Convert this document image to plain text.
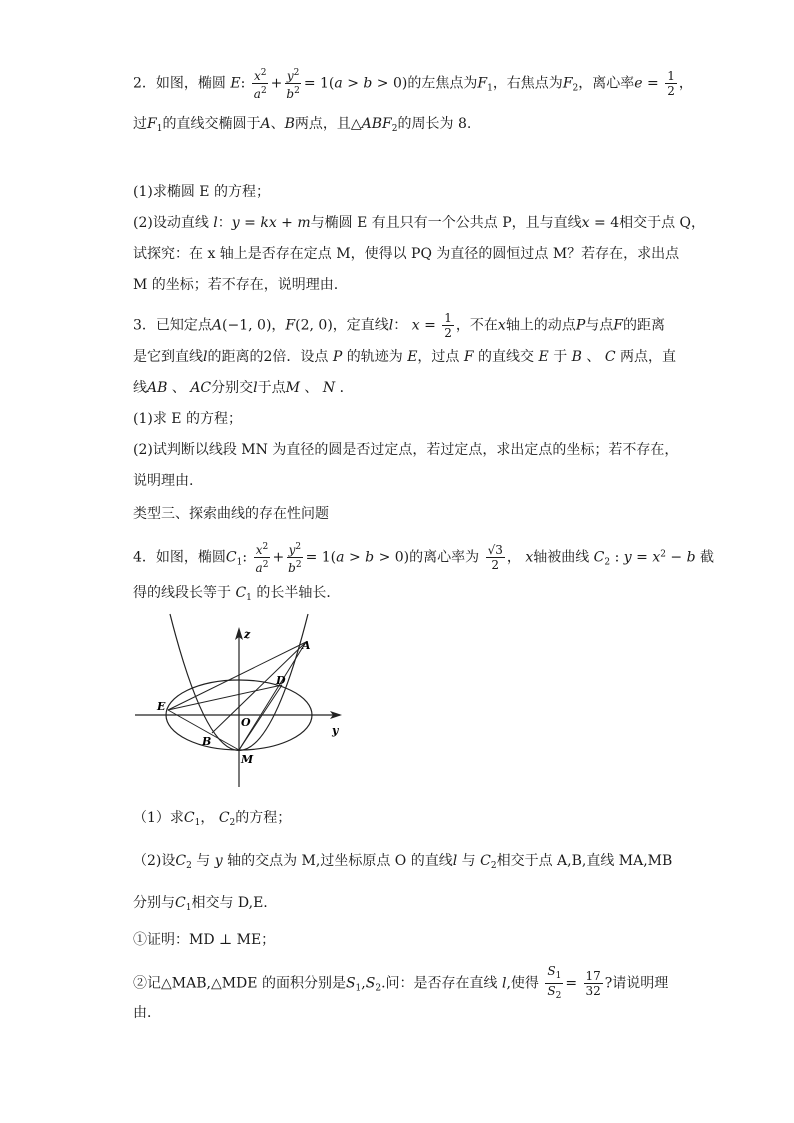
2．如图，椭圆 E: $\frac{x^2}{a^2} + \frac{y^2}{b^2} = 1(a > b > 0)$的左焦点为$F_1$，右焦点为$F_2$，离心率$e = \frac{1}{2}$ ，
过$F_1$的直线交椭圆于A、B两点，且$\triangle ABF_2$的周长为 8.
(1)求椭圆 E 的方程；
(2)设动直线 l：y = kx + m与椭圆 E 有且只有一个公共点 P，且与直线x = 4相交于点 Q，
试探究：在 x 轴上是否存在定点 M，使得以 PQ 为直径的圆恒过点 M？若存在，求出点
M 的坐标；若不存在，说明理由.
3．已知定点A(−1, 0)，F(2, 0)，定直线l： $x = \frac{1}{2}$ ，不在x轴上的动点P与点F的距离
是它到直线l的距离的2倍．设点 P 的轨迹为 E，过点 F 的直线交 E 于 B 、 C 两点，直
线AB 、 AC分别交l于点M 、 N ．
(1)求 E 的方程；
(2)试判断以线段 MN 为直径的圆是否过定点，若过定点，求出定点的坐标；若不存在，
说明理由.
类型三、探索曲线的存在性问题
4．如图，椭圆$C_1$: $\frac{x^2}{a^2} + \frac{y^2}{b^2} = 1(a > b > 0)$的离心率为 $\frac{√3}{2}$ ， x轴被曲线 $C_2$ : $y = x^2 - b$ 截
得的线段长等于 $C_1$ 的长半轴长．
z
y
A
D
E
O
B
M
（1）求$C_1$， $C_2$的方程；
（2)设$C_2$ 与 y 轴的交点为 M,过坐标原点 O 的直线l 与 $C_2$相交于点 A,B,直线 MA,MB
分别与$C_1$相交与 D,E.
①证明：MD ⊥ ME；
②记△MAB,△MDE 的面积分别是$S_1,S_2$.问：是否存在直线 l,使得 $\frac{S_1}{S_2} = \frac{17}{32}$ ?请说明理
由．
